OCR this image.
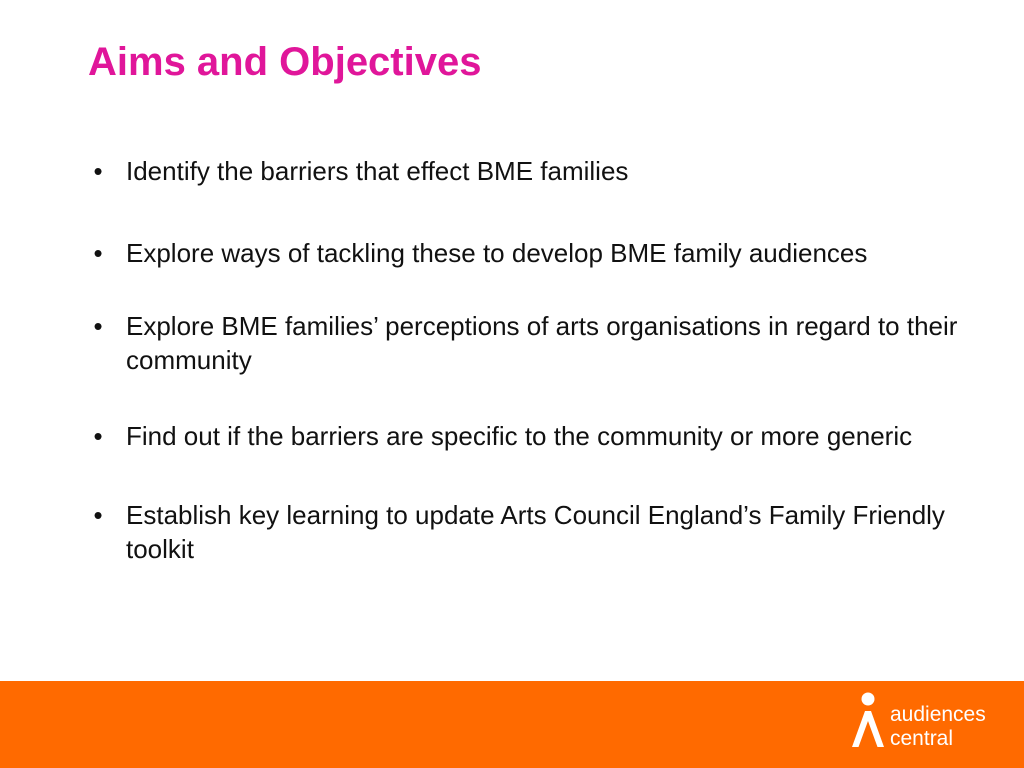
Aims and Objectives
• Identify the barriers that effect BME families
• Explore ways of tackling these to develop BME family audiences
• Explore BME families’ perceptions of arts organisations in regard to their community
• Find out if the barriers are specific to the community or more generic
• Establish key learning to update Arts Council England’s Family Friendly toolkit
audiences
central
